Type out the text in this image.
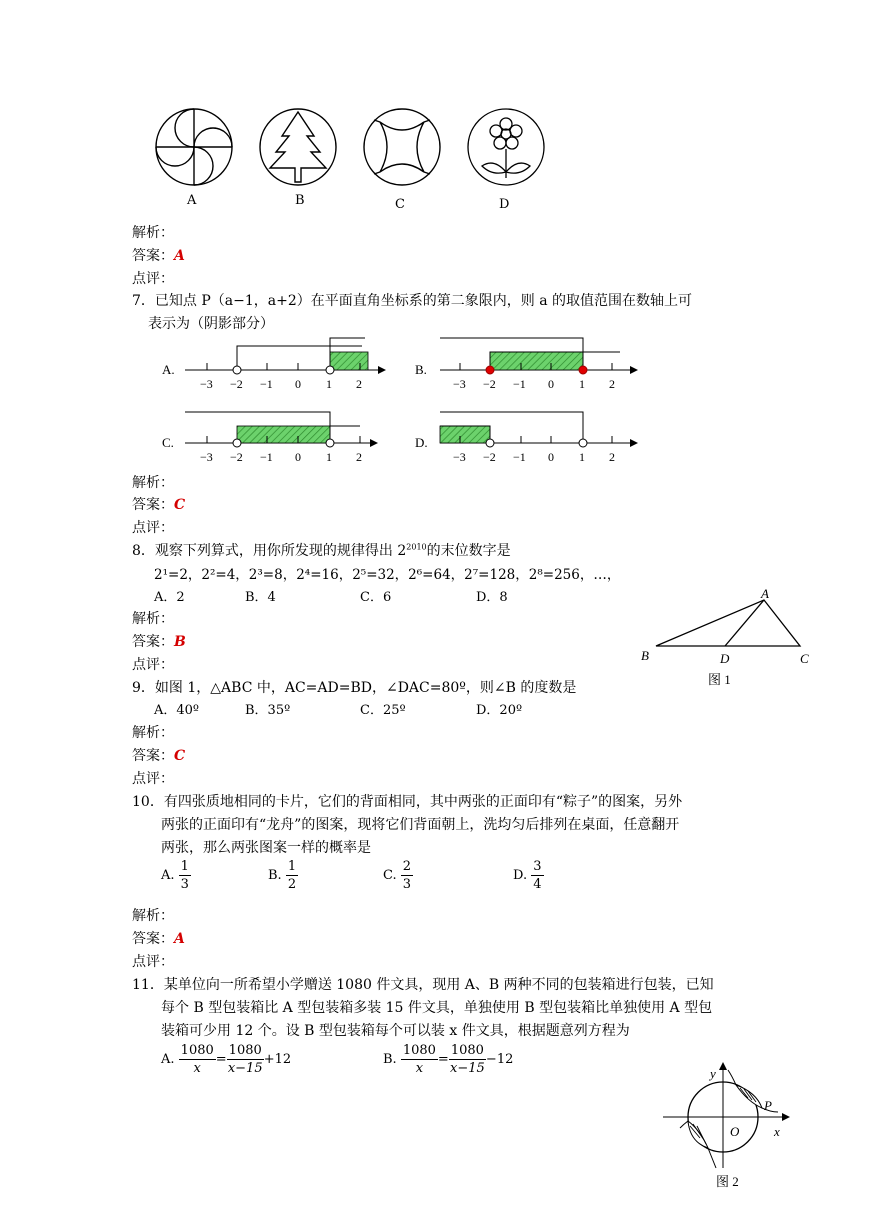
A	B	C	D
解析：
答案：A
点评：
7．已知点 P（a−1，a+2）在平面直角坐标系的第二象限内，则 a 的取值范围在数轴上可
表示为（阴影部分）
A.
−3 −2 −1 0 1 2
B.
−3 −2 −1 0 1 2
C.
−3 −2 −1 0 1 2
D.
−3 −2 −1 0 1 2
解析：
答案：C
点评：
8．观察下列算式，用你所发现的规律得出 $2^{2010}$的末位数字是
2¹=2，2²=4，2³=8，2⁴=16，2⁵=32，2⁶=64，2⁷=128，2⁸=256，…，
A．2	B．4	C．6	D．8
解析：
答案：B
点评：
A
B	D	C
图 1
9．如图 1，△ABC 中，AC=AD=BD，∠DAC=80º，则∠B 的度数是
A．40º	B．35º	C．25º	D．20º
解析：
答案：C
点评：
10．有四张质地相同的卡片，它们的背面相同，其中两张的正面印有“粽子”的图案，另外
两张的正面印有“龙舟”的图案，现将它们背面朝上，洗均匀后排列在桌面，任意翻开
两张，那么两张图案一样的概率是
A. $\frac{1}{3}$	B. $\frac{1}{2}$	C. $\frac{2}{3}$	D. $\frac{3}{4}$
解析：
答案：A
点评：
11．某单位向一所希望小学赠送 1080 件文具，现用 A、B 两种不同的包装箱进行包装，已知
每个 B 型包装箱比 A 型包装箱多装 15 件文具，单独使用 B 型包装箱比单独使用 A 型包
装箱可少用 12 个。设 B 型包装箱每个可以装 x 件文具，根据题意列方程为
A. $\frac{1080}{x} = \frac{1080}{x-15} +12$	B. $\frac{1080}{x} = \frac{1080}{x-15} -12$
y
P
O	x
图 2
